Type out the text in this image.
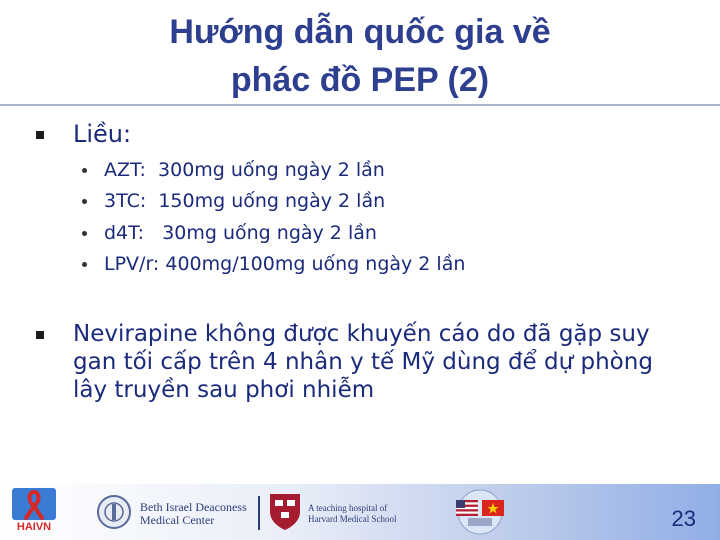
Hướng dẫn quốc gia về
phác đồ PEP (2)
Liều:
AZT:  300mg uống ngày 2 lần
3TC:  150mg uống ngày 2 lần
d4T:   30mg uống ngày 2 lần
LPV/r: 400mg/100mg uống ngày 2 lần
Nevirapine không được khuyến cáo do đã gặp suy gan tối cấp trên 4 nhân y tế Mỹ dùng để dự phòng lây truyền sau phơi nhiễm
HAIVN
Beth Israel Deaconess
Medical Center
A teaching hospital of
Harvard Medical School	23
